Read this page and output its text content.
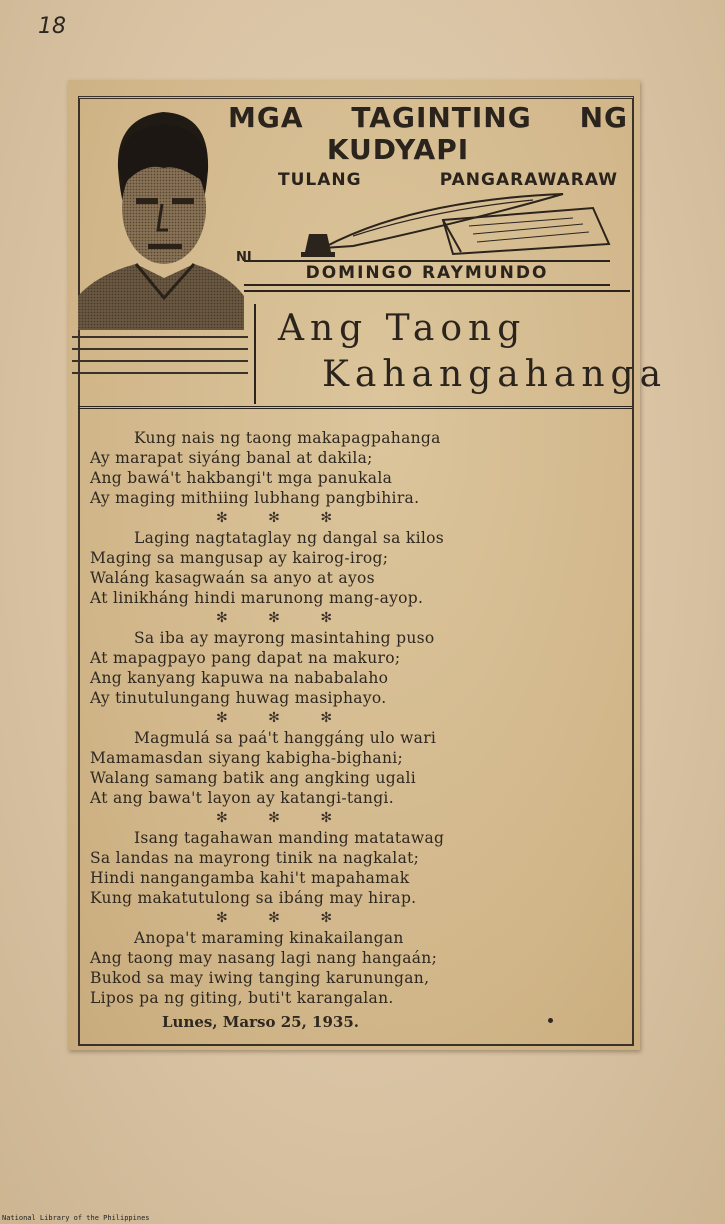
18
MGA TAGINTING NG
KUDYAPI
TULANG	PANGARAWARAW
NI
DOMINGO RAYMUNDO
Ang Taong
Kahangahanga
Kung nais ng taong makapagpahanga
Ay marapat siyáng banal at dakila;
Ang bawá't hakbangi't mga panukala
Ay maging mithiing lubhang pangbihira.
✻ ✻ ✻
Laging nagtataglay ng dangal sa kilos
Maging sa mangusap ay kairog-irog;
Waláng kasagwaán sa anyo at ayos
At linikháng hindi marunong mang-ayop.
✻ ✻ ✻
Sa iba ay mayrong masintahing puso
At mapagpayo pang dapat na makuro;
Ang kanyang kapuwa na nababalaho
Ay tinutulungang huwag masiphayo.
✻ ✻ ✻
Magmulá sa paá't hanggáng ulo wari
Mamamasdan siyang kabigha-bighani;
Walang samang batik ang angking ugali
At ang bawa't layon ay katangi-tangi.
✻ ✻ ✻
Isang tagahawan manding matatawag
Sa landas na mayrong tinik na nagkalat;
Hindi nangangamba kahi't mapahamak
Kung makatutulong sa ibáng may hirap.
✻ ✻ ✻
Anopa't maraming kinakailangan
Ang taong may nasang lagi nang hangaán;
Bukod sa may iwing tanging karunungan,
Lipos pa ng giting, buti't karangalan.
Lunes, Marso 25, 1935.
National Library of the Philippines
